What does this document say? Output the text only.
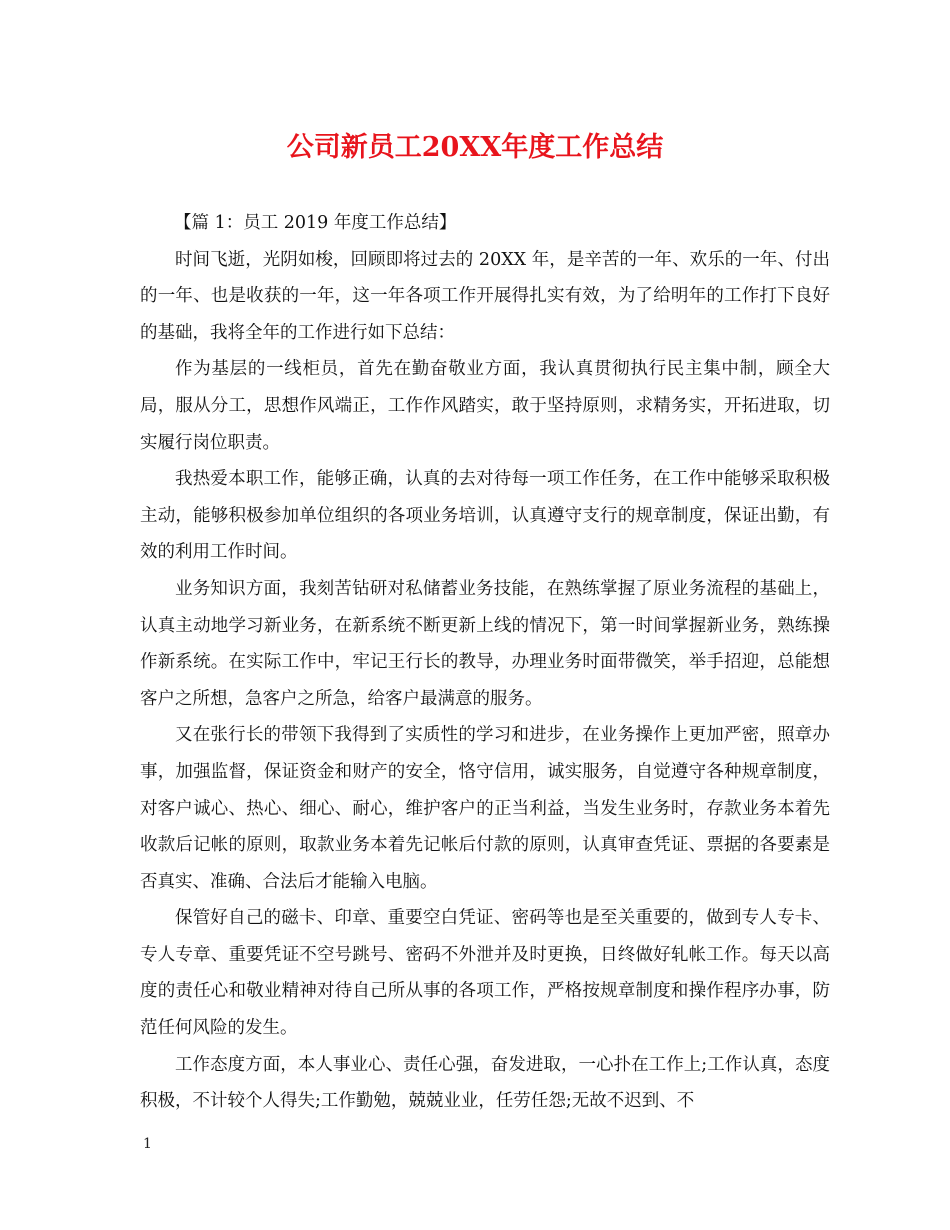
公司新员工20XX年度工作总结

【篇 1：员工 2019 年度工作总结】

时间飞逝，光阴如梭，回顾即将过去的 20XX 年，是辛苦的一年、欢乐的一年、付出的一年、也是收获的一年，这一年各项工作开展得扎实有效，为了给明年的工作打下良好的基础，我将全年的工作进行如下总结：

作为基层的一线柜员，首先在勤奋敬业方面，我认真贯彻执行民主集中制，顾全大局，服从分工，思想作风端正，工作作风踏实，敢于坚持原则，求精务实，开拓进取，切实履行岗位职责。

我热爱本职工作，能够正确，认真的去对待每一项工作任务，在工作中能够采取积极主动，能够积极参加单位组织的各项业务培训，认真遵守支行的规章制度，保证出勤，有效的利用工作时间。

业务知识方面，我刻苦钻研对私储蓄业务技能，在熟练掌握了原业务流程的基础上，认真主动地学习新业务，在新系统不断更新上线的情况下，第一时间掌握新业务，熟练操作新系统。在实际工作中，牢记王行长的教导，办理业务时面带微笑，举手招迎，总能想客户之所想，急客户之所急，给客户最满意的服务。

又在张行长的带领下我得到了实质性的学习和进步，在业务操作上更加严密，照章办事，加强监督，保证资金和财产的安全，恪守信用，诚实服务，自觉遵守各种规章制度，对客户诚心、热心、细心、耐心，维护客户的正当利益，当发生业务时，存款业务本着先收款后记帐的原则，取款业务本着先记帐后付款的原则，认真审查凭证、票据的各要素是否真实、准确、合法后才能输入电脑。

保管好自己的磁卡、印章、重要空白凭证、密码等也是至关重要的，做到专人专卡、专人专章、重要凭证不空号跳号、密码不外泄并及时更换，日终做好轧帐工作。每天以高度的责任心和敬业精神对待自己所从事的各项工作，严格按规章制度和操作程序办事，防范任何风险的发生。

工作态度方面，本人事业心、责任心强，奋发进取，一心扑在工作上;工作认真，态度积极，不计较个人得失;工作勤勉，兢兢业业，任劳任怨;无故不迟到、不

1
